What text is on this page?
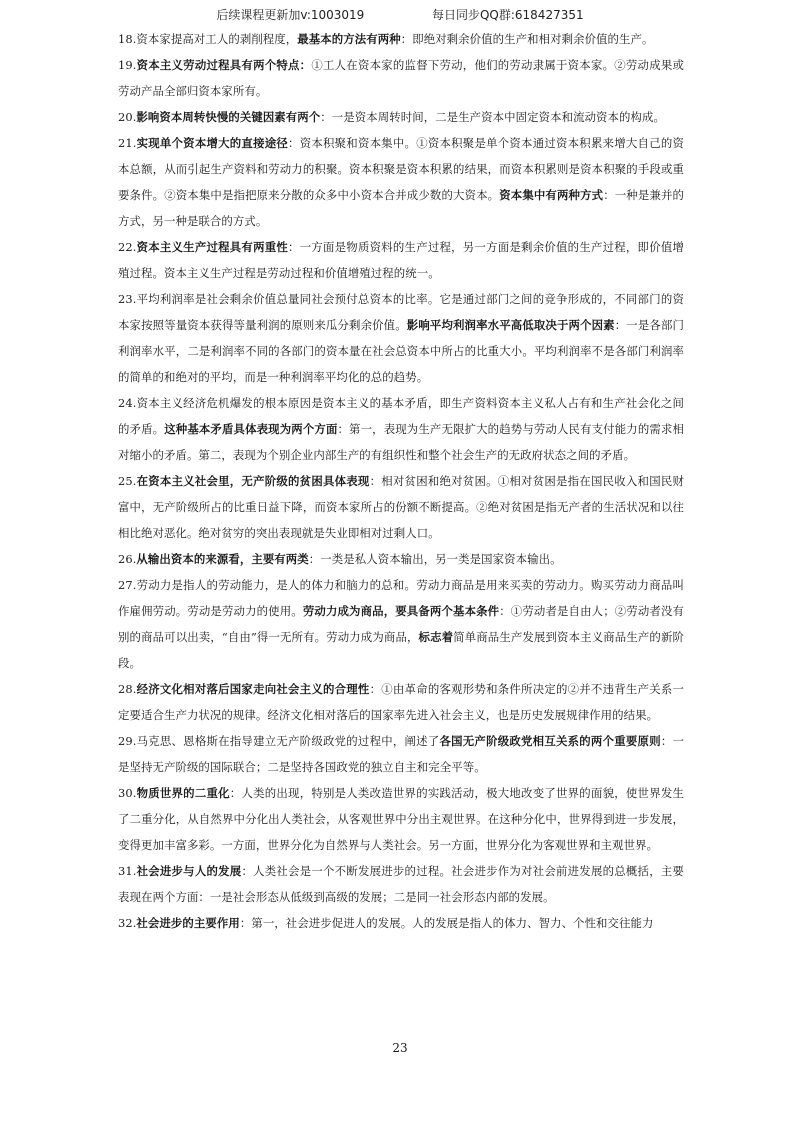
后续课程更新加v:1003019	每日同步QQ群:618427351
18.资本家提高对工人的剥削程度，最基本的方法有两种：即绝对剩余价值的生产和相对剩余价值的生产。
19.资本主义劳动过程具有两个特点：①工人在资本家的监督下劳动，他们的劳动隶属于资本家。②劳动成果或劳动产品全部归资本家所有。
20.影响资本周转快慢的关键因素有两个：一是资本周转时间，二是生产资本中固定资本和流动资本的构成。
21.实现单个资本增大的直接途径：资本积聚和资本集中。①资本积聚是单个资本通过资本积累来增大自己的资本总额，从而引起生产资料和劳动力的积聚。资本积聚是资本积累的结果，而资本积累则是资本积聚的手段或重要条件。②资本集中是指把原来分散的众多中小资本合并成少数的大资本。资本集中有两种方式：一种是兼并的方式，另一种是联合的方式。
22.资本主义生产过程具有两重性：一方面是物质资料的生产过程，另一方面是剩余价值的生产过程，即价值增殖过程。资本主义生产过程是劳动过程和价值增殖过程的统一。
23.平均利润率是社会剩余价值总量同社会预付总资本的比率。它是通过部门之间的竞争形成的，不同部门的资本家按照等量资本获得等量利润的原则来瓜分剩余价值。影响平均利润率水平高低取决于两个因素：一是各部门利润率水平，二是利润率不同的各部门的资本量在社会总资本中所占的比重大小。平均利润率不是各部门利润率的简单的和绝对的平均，而是一种利润率平均化的总的趋势。
24.资本主义经济危机爆发的根本原因是资本主义的基本矛盾，即生产资料资本主义私人占有和生产社会化之间的矛盾。这种基本矛盾具体表现为两个方面：第一，表现为生产无限扩大的趋势与劳动人民有支付能力的需求相对缩小的矛盾。第二，表现为个别企业内部生产的有组织性和整个社会生产的无政府状态之间的矛盾。
25.在资本主义社会里，无产阶级的贫困具体表现：相对贫困和绝对贫困。①相对贫困是指在国民收入和国民财富中，无产阶级所占的比重日益下降，而资本家所占的份额不断提高。②绝对贫困是指无产者的生活状况和以往相比绝对恶化。绝对贫穷的突出表现就是失业即相对过剩人口。
26.从输出资本的来源看，主要有两类：一类是私人资本输出，另一类是国家资本输出。
27.劳动力是指人的劳动能力，是人的体力和脑力的总和。劳动力商品是用来买卖的劳动力。购买劳动力商品叫作雇佣劳动。劳动是劳动力的使用。劳动力成为商品，要具备两个基本条件：①劳动者是自由人；②劳动者没有别的商品可以出卖，“自由”得一无所有。劳动力成为商品，标志着简单商品生产发展到资本主义商品生产的新阶段。
28.经济文化相对落后国家走向社会主义的合理性：①由革命的客观形势和条件所决定的②并不违背生产关系一定要适合生产力状况的规律。经济文化相对落后的国家率先进入社会主义，也是历史发展规律作用的结果。
29.马克思、恩格斯在指导建立无产阶级政党的过程中，阐述了各国无产阶级政党相互关系的两个重要原则：一是坚持无产阶级的国际联合；二是坚持各国政党的独立自主和完全平等。
30.物质世界的二重化：人类的出现，特别是人类改造世界的实践活动，极大地改变了世界的面貌，使世界发生了二重分化，从自然界中分化出人类社会，从客观世界中分出主观世界。在这种分化中，世界得到进一步发展，变得更加丰富多彩。一方面，世界分化为自然界与人类社会。另一方面，世界分化为客观世界和主观世界。
31.社会进步与人的发展：人类社会是一个不断发展进步的过程。社会进步作为对社会前进发展的总概括，主要表现在两个方面：一是社会形态从低级到高级的发展；二是同一社会形态内部的发展。
32.社会进步的主要作用：第一，社会进步促进人的发展。人的发展是指人的体力、智力、个性和交往能力
23
